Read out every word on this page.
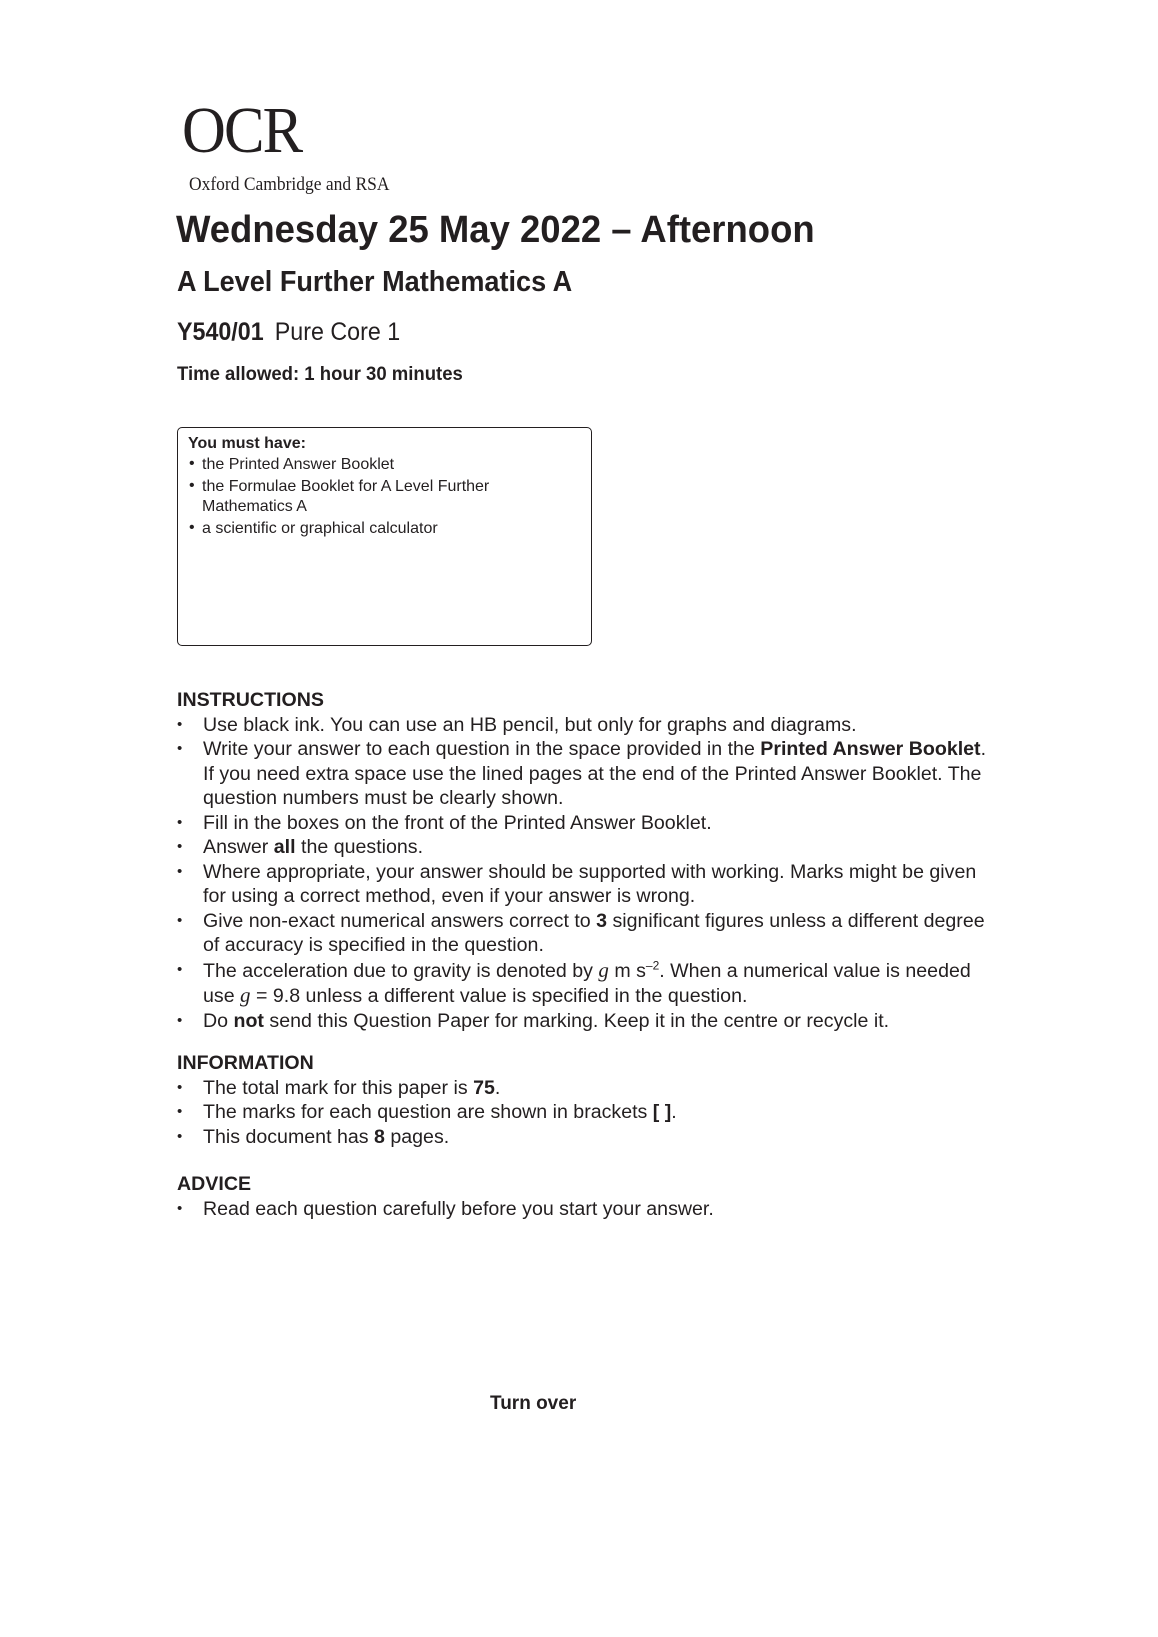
OCR
Oxford Cambridge and RSA
Wednesday 25 May 2022 – Afternoon
A Level Further Mathematics A
Y540/01 Pure Core 1
Time allowed: 1 hour 30 minutes
You must have:
• the Printed Answer Booklet
• the Formulae Booklet for A Level Further Mathematics A
• a scientific or graphical calculator
INSTRUCTIONS
• Use black ink. You can use an HB pencil, but only for graphs and diagrams.
• Write your answer to each question in the space provided in the Printed Answer Booklet. If you need extra space use the lined pages at the end of the Printed Answer Booklet. The question numbers must be clearly shown.
• Fill in the boxes on the front of the Printed Answer Booklet.
• Answer all the questions.
• Where appropriate, your answer should be supported with working. Marks might be given for using a correct method, even if your answer is wrong.
• Give non-exact numerical answers correct to 3 significant figures unless a different degree of accuracy is specified in the question.
• The acceleration due to gravity is denoted by g m $s^{-2}$. When a numerical value is needed use g = 9.8 unless a different value is specified in the question.
• Do not send this Question Paper for marking. Keep it in the centre or recycle it.
INFORMATION
• The total mark for this paper is 75.
• The marks for each question are shown in brackets [ ].
• This document has 8 pages.
ADVICE
• Read each question carefully before you start your answer.
Turn over
